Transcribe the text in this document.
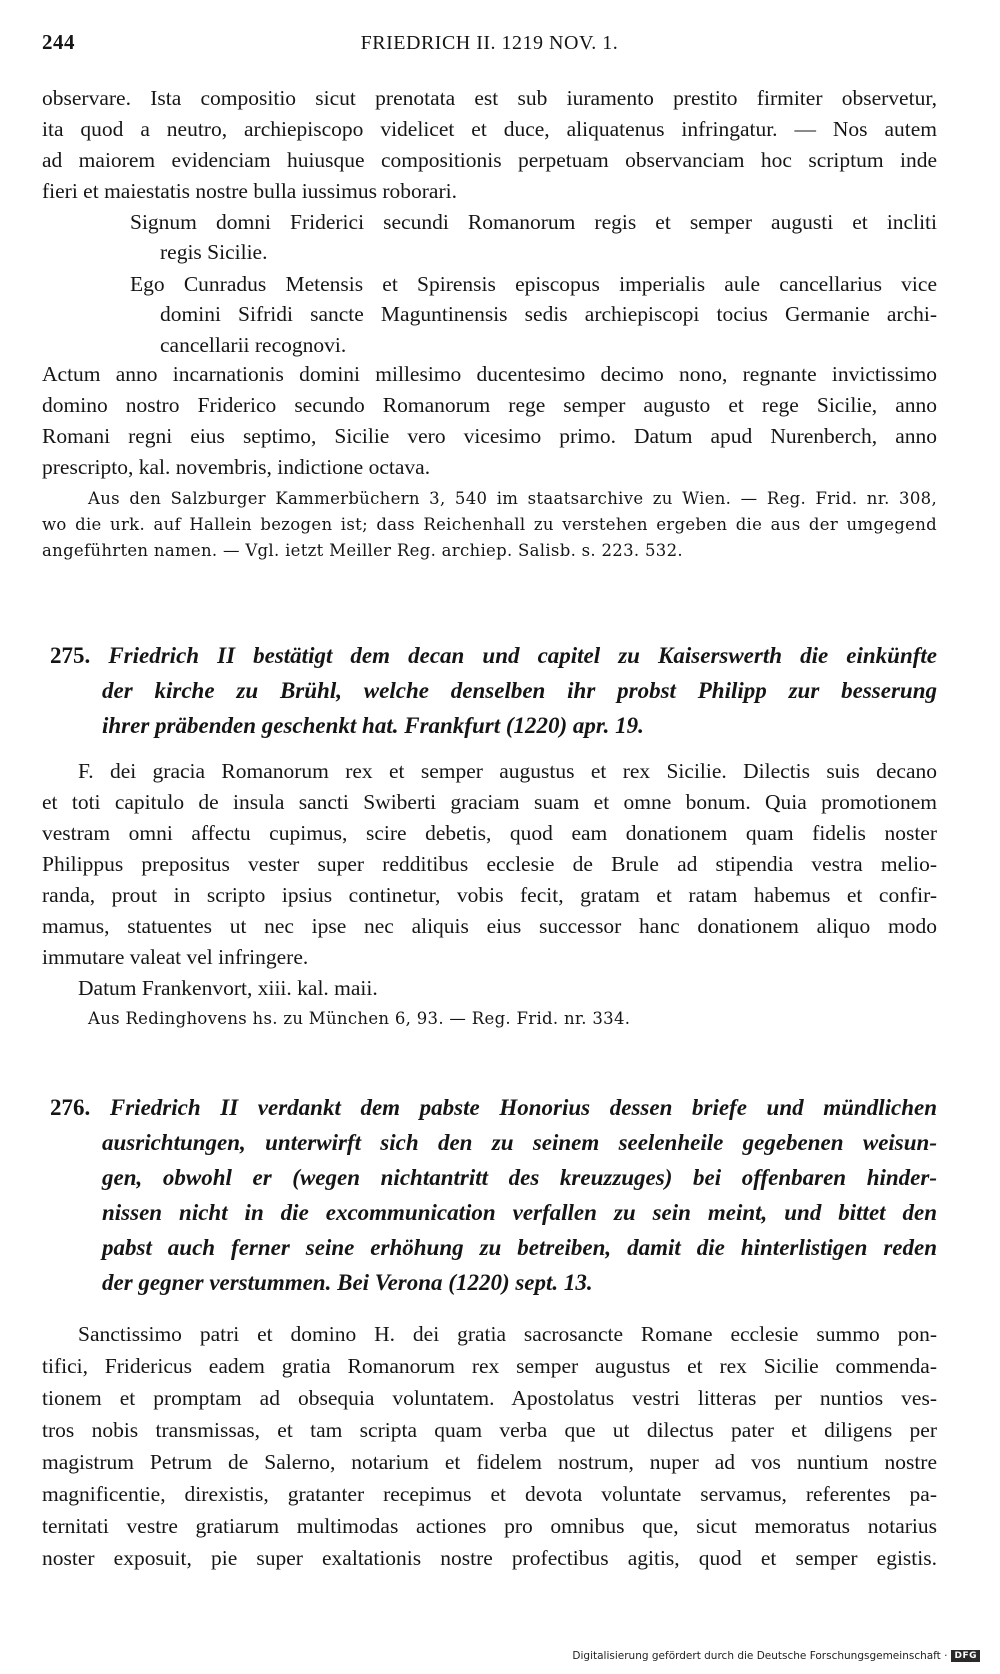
244	FRIEDRICH II. 1219 NOV. 1.
observare. Ista compositio sicut prenotata est sub iuramento prestito firmiter observetur,
ita quod a neutro, archiepiscopo videlicet et duce, aliquatenus infringatur. — Nos autem
ad maiorem evidenciam huiusque compositionis perpetuam observanciam hoc scriptum inde
fieri et maiestatis nostre bulla iussimus roborari.
Signum domni Friderici secundi Romanorum regis et semper augusti et incliti
regis Sicilie.
Ego Cunradus Metensis et Spirensis episcopus imperialis aule cancellarius vice
domini Sifridi sancte Maguntinensis sedis archiepiscopi tocius Germanie archi-
cancellarii recognovi.
Actum anno incarnationis domini millesimo ducentesimo decimo nono, regnante invictissimo
domino nostro Friderico secundo Romanorum rege semper augusto et rege Sicilie, anno
Romani regni eius septimo, Sicilie vero vicesimo primo. Datum apud Nurenberch, anno
prescripto, kal. novembris, indictione octava.
Aus den Salzburger Kammerbüchern 3, 540 im staatsarchive zu Wien. — Reg. Frid. nr. 308,
wo die urk. auf Hallein bezogen ist; dass Reichenhall zu verstehen ergeben die aus der umgegend
angeführten namen. — Vgl. ietzt Meiller Reg. archiep. Salisb. s. 223. 532.
275. Friedrich II bestätigt dem decan und capitel zu Kaiserswerth die einkünfte
der kirche zu Brühl, welche denselben ihr probst Philipp zur besserung
ihrer präbenden geschenkt hat. Frankfurt (1220) apr. 19.
F. dei gracia Romanorum rex et semper augustus et rex Sicilie. Dilectis suis decano
et toti capitulo de insula sancti Swiberti graciam suam et omne bonum. Quia promotionem
vestram omni affectu cupimus, scire debetis, quod eam donationem quam fidelis noster
Philippus prepositus vester super redditibus ecclesie de Brule ad stipendia vestra melio-
randa, prout in scripto ipsius continetur, vobis fecit, gratam et ratam habemus et confir-
mamus, statuentes ut nec ipse nec aliquis eius successor hanc donationem aliquo modo
immutare valeat vel infringere.
Datum Frankenvort, xiii. kal. maii.
Aus Redinghovens hs. zu München 6, 93. — Reg. Frid. nr. 334.
276. Friedrich II verdankt dem pabste Honorius dessen briefe und mündlichen
ausrichtungen, unterwirft sich den zu seinem seelenheile gegebenen weisun-
gen, obwohl er (wegen nichtantritt des kreuzzuges) bei offenbaren hinder-
nissen nicht in die excommunication verfallen zu sein meint, und bittet den
pabst auch ferner seine erhöhung zu betreiben, damit die hinterlistigen reden
der gegner verstummen. Bei Verona (1220) sept. 13.
Sanctissimo patri et domino H. dei gratia sacrosancte Romane ecclesie summo pon-
tifici, Fridericus eadem gratia Romanorum rex semper augustus et rex Sicilie commenda-
tionem et promptam ad obsequia voluntatem. Apostolatus vestri litteras per nuntios ves-
tros nobis transmissas, et tam scripta quam verba que ut dilectus pater et diligens per
magistrum Petrum de Salerno, notarium et fidelem nostrum, nuper ad vos nuntium nostre
magnificentie, direxistis, gratanter recepimus et devota voluntate servamus, referentes pa-
ternitati vestre gratiarum multimodas actiones pro omnibus que, sicut memoratus notarius
noster exposuit, pie super exaltationis nostre profectibus agitis, quod et semper egistis.
Digitalisierung gefördert durch die Deutsche Forschungsgemeinschaft · DFG
